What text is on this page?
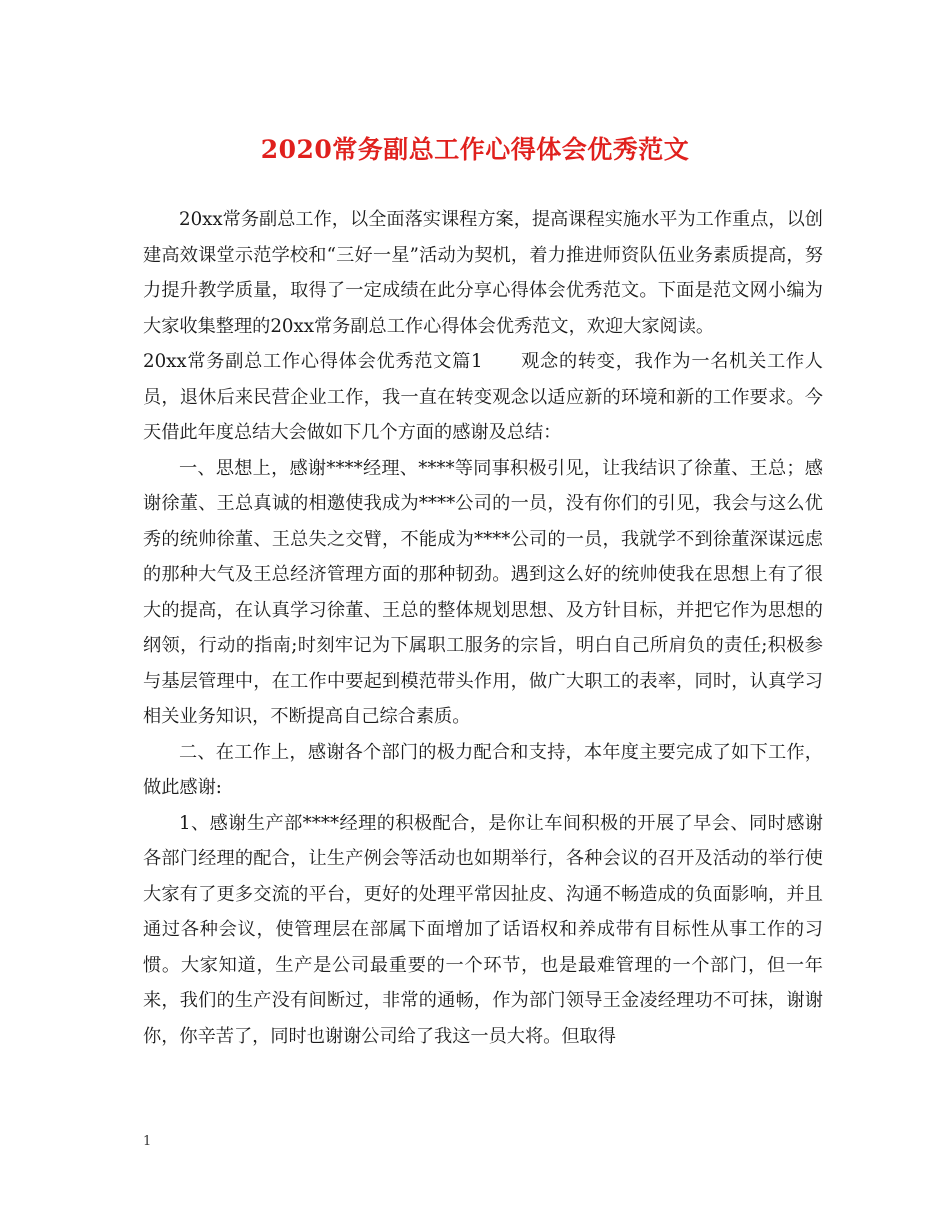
2020常务副总工作心得体会优秀范文

20xx常务副总工作，以全面落实课程方案，提高课程实施水平为工作重点，以创建高效课堂示范学校和“三好一星”活动为契机，着力推进师资队伍业务素质提高，努力提升教学质量，取得了一定成绩在此分享心得体会优秀范文。下面是范文网小编为大家收集整理的20xx常务副总工作心得体会优秀范文，欢迎大家阅读。

20xx常务副总工作心得体会优秀范文篇1　　观念的转变，我作为一名机关工作人员，退休后来民营企业工作，我一直在转变观念以适应新的环境和新的工作要求。今天借此年度总结大会做如下几个方面的感谢及总结：

一、思想上，感谢****经理、****等同事积极引见，让我结识了徐董、王总；感谢徐董、王总真诚的相邀使我成为****公司的一员，没有你们的引见，我会与这么优秀的统帅徐董、王总失之交臂，不能成为****公司的一员，我就学不到徐董深谋远虑的那种大气及王总经济管理方面的那种韧劲。遇到这么好的统帅使我在思想上有了很大的提高，在认真学习徐董、王总的整体规划思想、及方针目标，并把它作为思想的纲领，行动的指南;时刻牢记为下属职工服务的宗旨，明白自己所肩负的责任;积极参与基层管理中，在工作中要起到模范带头作用，做广大职工的表率，同时，认真学习相关业务知识，不断提高自己综合素质。

二、在工作上，感谢各个部门的极力配合和支持，本年度主要完成了如下工作，做此感谢:

1、感谢生产部****经理的积极配合，是你让车间积极的开展了早会、同时感谢各部门经理的配合，让生产例会等活动也如期举行，各种会议的召开及活动的举行使大家有了更多交流的平台，更好的处理平常因扯皮、沟通不畅造成的负面影响，并且通过各种会议，使管理层在部属下面增加了话语权和养成带有目标性从事工作的习惯。大家知道，生产是公司最重要的一个环节，也是最难管理的一个部门，但一年来，我们的生产没有间断过，非常的通畅，作为部门领导王金凌经理功不可抹，谢谢你，你辛苦了，同时也谢谢公司给了我这一员大将。但取得

1
